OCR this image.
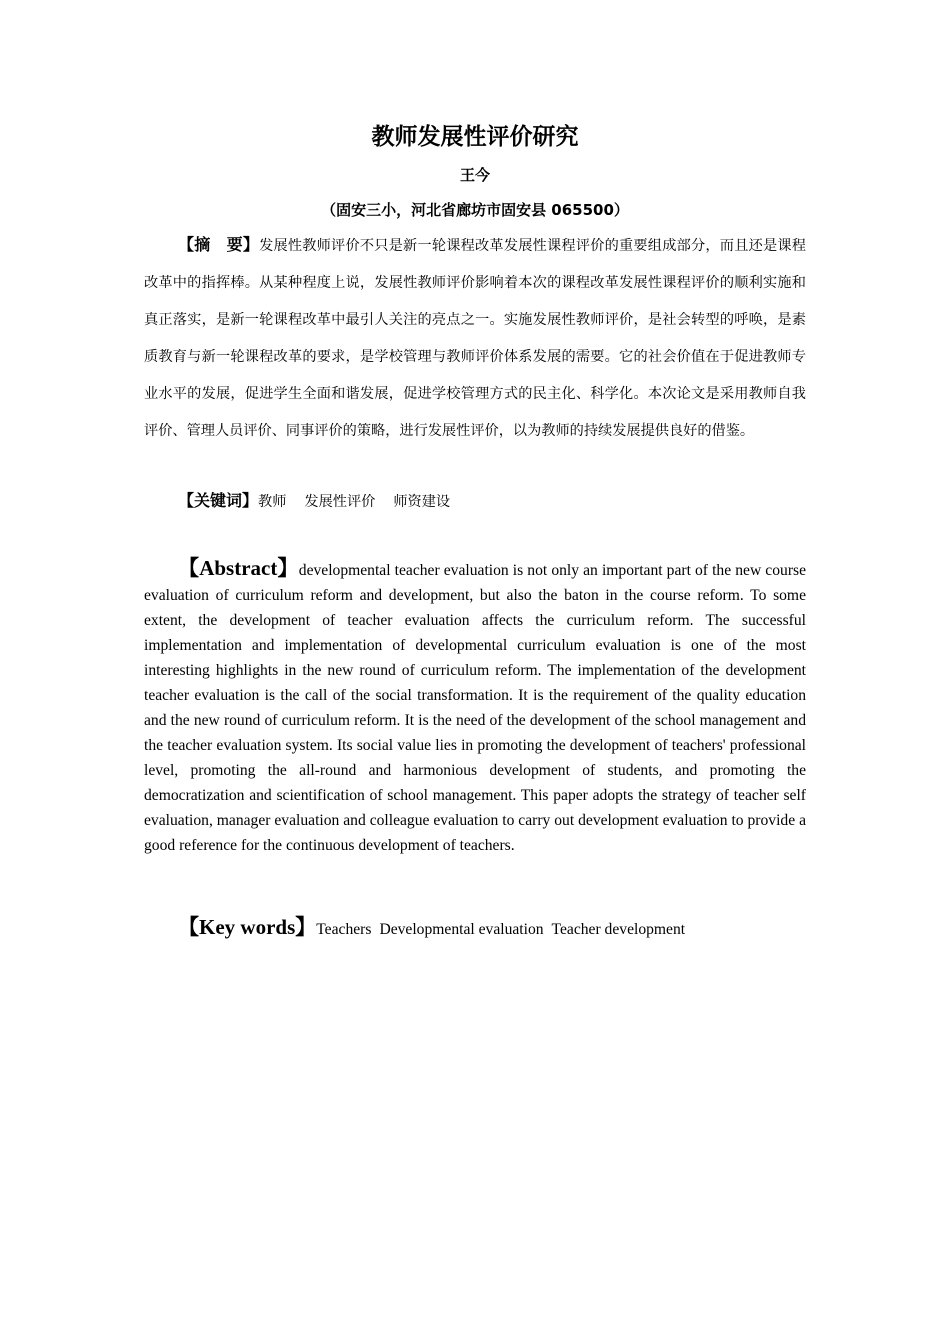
教师发展性评价研究
王今
（固安三小，河北省廊坊市固安县 065500）

【摘　要】发展性教师评价不只是新一轮课程改革发展性课程评价的重要组成部分，而且还是课程改革中的指挥棒。从某种程度上说，发展性教师评价影响着本次的课程改革发展性课程评价的顺利实施和真正落实，是新一轮课程改革中最引人关注的亮点之一。实施发展性教师评价，是社会转型的呼唤，是素质教育与新一轮课程改革的要求，是学校管理与教师评价体系发展的需要。它的社会价值在于促进教师专业水平的发展，促进学生全面和谐发展，促进学校管理方式的民主化、科学化。本次论文是采用教师自我评价、管理人员评价、同事评价的策略，进行发展性评价，以为教师的持续发展提供良好的借鉴。

【关键词】教师 发展性评价 师资建设

【Abstract】developmental teacher evaluation is not only an important part of the new course evaluation of curriculum reform and development, but also the baton in the course reform. To some extent, the development of teacher evaluation affects the curriculum reform. The successful implementation and implementation of developmental curriculum evaluation is one of the most interesting highlights in the new round of curriculum reform. The implementation of the development teacher evaluation is the call of the social transformation. It is the requirement of the quality education and the new round of curriculum reform. It is the need of the development of the school management and the teacher evaluation system. Its social value lies in promoting the development of teachers' professional level, promoting the all-round and harmonious development of students, and promoting the democratization and scientification of school management. This paper adopts the strategy of teacher self evaluation, manager evaluation and colleague evaluation to carry out development evaluation to provide a good reference for the continuous development of teachers.

【Key words】Teachers Developmental evaluation Teacher development
